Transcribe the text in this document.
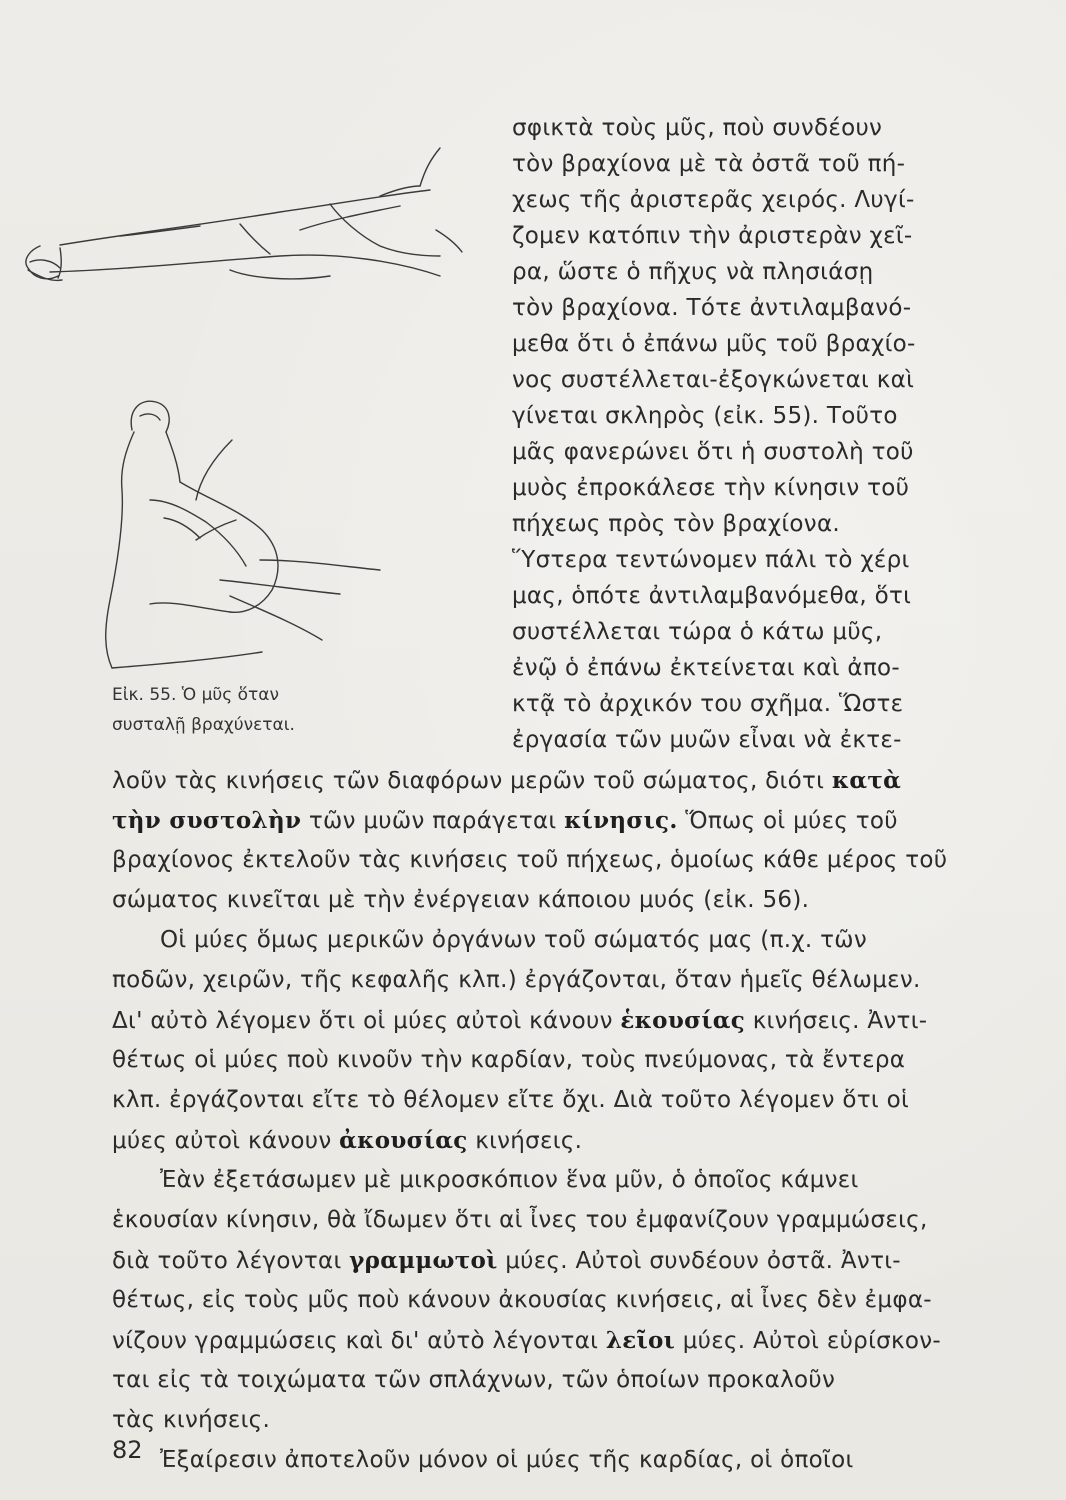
Εἰκ. 55. Ὁ μῦς ὅταν
συσταλῇ βραχύνεται.
σφικτὰ τοὺς μῦς, ποὺ συνδέουν
τὸν βραχίονα μὲ τὰ ὀστᾶ τοῦ πή-
χεως τῆς ἀριστερᾶς χειρός. Λυγί-
ζομεν κατόπιν τὴν ἀριστερὰν χεῖ-
ρα, ὥστε ὁ πῆχυς νὰ πλησιάσῃ
τὸν βραχίονα. Τότε ἀντιλαμβανό-
μεθα ὅτι ὁ ἐπάνω μῦς τοῦ βραχίο-
νος συστέλλεται-ἐξογκώνεται καὶ
γίνεται σκληρὸς (εἰκ. 55). Τοῦτο
μᾶς φανερώνει ὅτι ἡ συστολὴ τοῦ
μυὸς ἐπροκάλεσε τὴν κίνησιν τοῦ
πήχεως πρὸς τὸν βραχίονα.
Ὕστερα τεντώνομεν πάλι τὸ χέρι
μας, ὁπότε ἀντιλαμβανόμεθα, ὅτι
συστέλλεται τώρα ὁ κάτω μῦς,
ἐνῷ ὁ ἐπάνω ἐκτείνεται καὶ ἀπο-
κτᾷ τὸ ἀρχικόν του σχῆμα. Ὥστε
ἐργασία τῶν μυῶν εἶναι νὰ ἐκτε-
λοῦν τὰς κινήσεις τῶν διαφόρων μερῶν τοῦ σώματος, διότι κατὰ
τὴν συστολὴν τῶν μυῶν παράγεται κίνησις. Ὅπως οἱ μύες τοῦ
βραχίονος ἐκτελοῦν τὰς κινήσεις τοῦ πήχεως, ὁμοίως κάθε μέρος τοῦ
σώματος κινεῖται μὲ τὴν ἐνέργειαν κάποιου μυός (εἰκ. 56).
Οἱ μύες ὅμως μερικῶν ὀργάνων τοῦ σώματός μας (π.χ. τῶν
ποδῶν, χειρῶν, τῆς κεφαλῆς κλπ.) ἐργάζονται, ὅταν ἡμεῖς θέλωμεν.
Δι' αὐτὸ λέγομεν ὅτι οἱ μύες αὐτοὶ κάνουν ἑκουσίας κινήσεις. Ἀντι-
θέτως οἱ μύες ποὺ κινοῦν τὴν καρδίαν, τοὺς πνεύμονας, τὰ ἔντερα
κλπ. ἐργάζονται εἴτε τὸ θέλομεν εἴτε ὄχι. Διὰ τοῦτο λέγομεν ὅτι οἱ
μύες αὐτοὶ κάνουν ἀκουσίας κινήσεις.
Ἐὰν ἐξετάσωμεν μὲ μικροσκόπιον ἕνα μῦν, ὁ ὁποῖος κάμνει
ἑκουσίαν κίνησιν, θὰ ἴδωμεν ὅτι αἱ ἶνες του ἐμφανίζουν γραμμώσεις,
διὰ τοῦτο λέγονται γραμμωτοὶ μύες. Αὐτοὶ συνδέουν ὀστᾶ. Ἀντι-
θέτως, εἰς τοὺς μῦς ποὺ κάνουν ἀκουσίας κινήσεις, αἱ ἶνες δὲν ἐμφα-
νίζουν γραμμώσεις καὶ δι' αὐτὸ λέγονται λεῖοι μύες. Αὐτοὶ εὑρίσκον-
ται εἰς τὰ τοιχώματα τῶν σπλάχνων, τῶν ὁποίων προκαλοῦν
τὰς κινήσεις.
Ἐξαίρεσιν ἀποτελοῦν μόνον οἱ μύες τῆς καρδίας, οἱ ὁποῖοι
82
